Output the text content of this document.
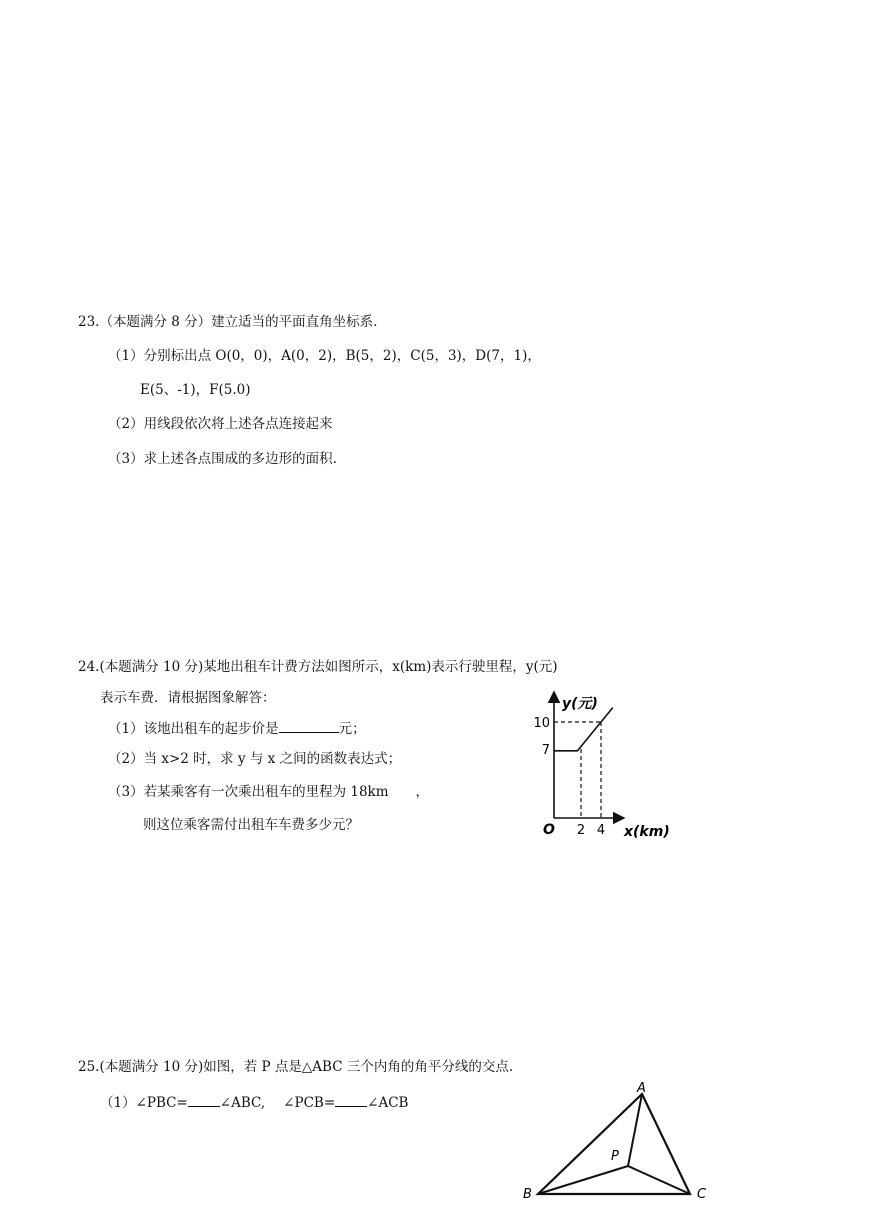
23.（本题满分 8 分）建立适当的平面直角坐标系.
（1）分别标出点 O(0，0)，A(0，2)，B(5，2)，C(5，3)，D(7，1)，
E(5、-1)，F(5.0)
（2）用线段依次将上述各点连接起来
（3）求上述各点围成的多边形的面积.
24.(本题满分 10 分)某地出租车计费方法如图所示，x(km)表示行驶里程，y(元)
表示车费．请根据图象解答：
（1）该地出租车的起步价是	元；
（2）当 x>2 时，求 y 与 x 之间的函数表达式；
（3）若某乘客有一次乘出租车的里程为 18km　　，
则这位乘客需付出租车车费多少元？
y(元)
10
7
O 2 4 x(km)
25.(本题满分 10 分)如图，若 P 点是△ABC 三个内角的角平分线的交点.
（1）∠PBC= ∠ABC, ∠PCB= ∠ACB
A
B	C
P
